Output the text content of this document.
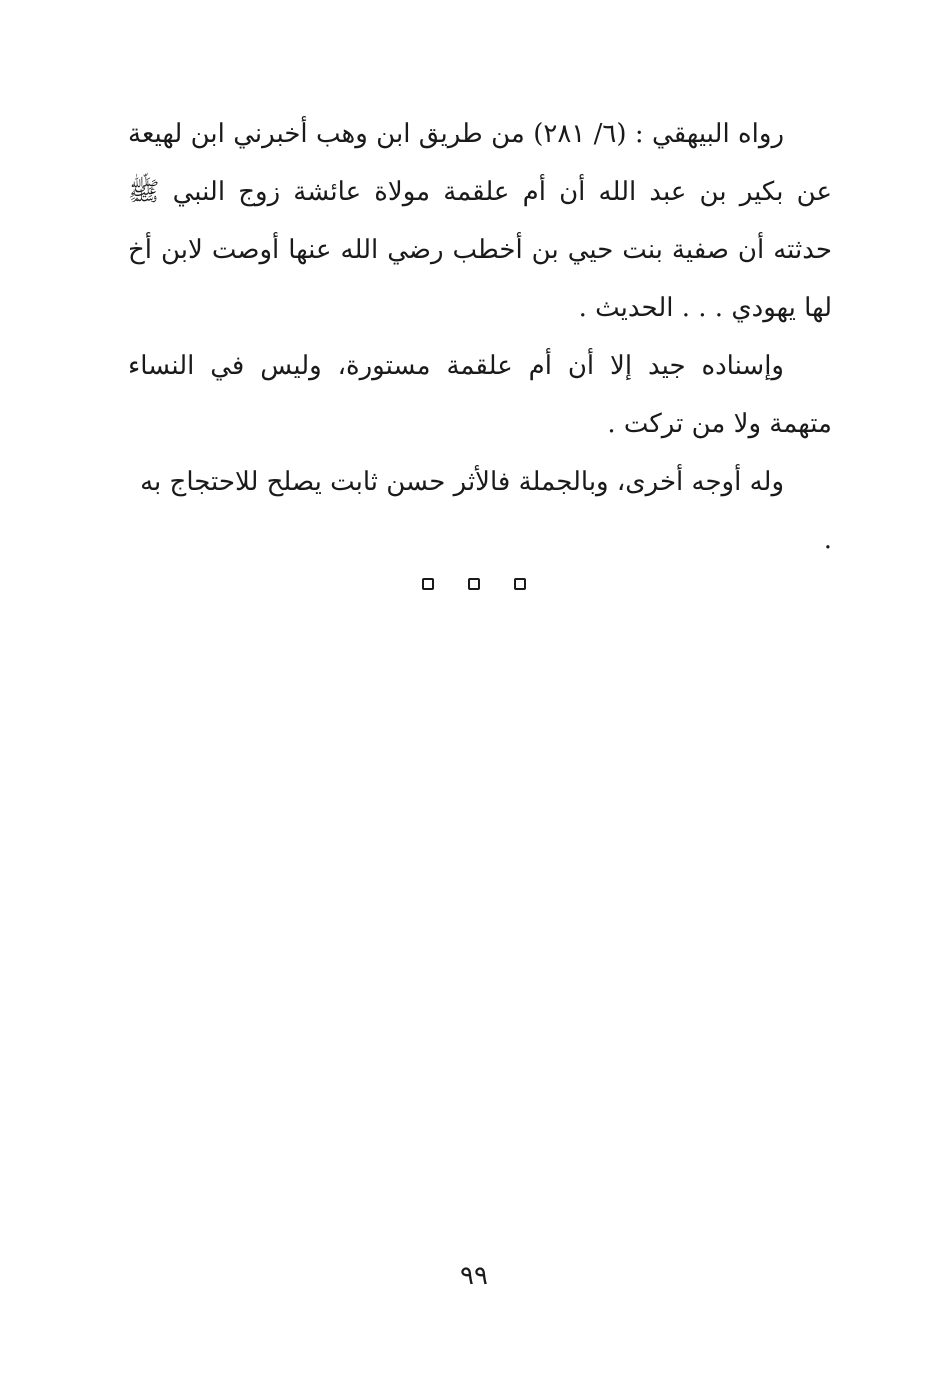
رواه البيهقي : (٦/ ٢٨١) من طريق ابن وهب أخبرني ابن لهيعة عن بكير بن عبد الله أن أم علقمة مولاة عائشة زوج النبي ﷺ حدثته أن صفية بنت حيي بن أخطب رضي الله عنها أوصت لابن أخ لها يهودي . . . الحديث .

وإسناده جيد إلا أن أم علقمة مستورة، وليس في النساء متهمة ولا من تركت .

وله أوجه أخرى، وبالجملة فالأثر حسن ثابت يصلح للاحتجاج به .

٩٩
